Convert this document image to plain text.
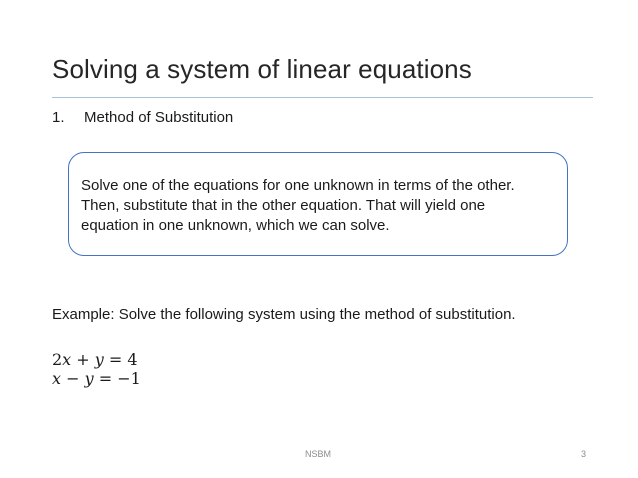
Solving a system of linear equations
1.	Method of Substitution
Solve one of the equations for one unknown in terms of the other.
Then, substitute that in the other equation. That will yield one
equation in one unknown, which we can solve.
Example: Solve the following system using the method of substitution.
2𝑥 + 𝑦 = 4
𝑥 − 𝑦 = −1
NSBM	3
